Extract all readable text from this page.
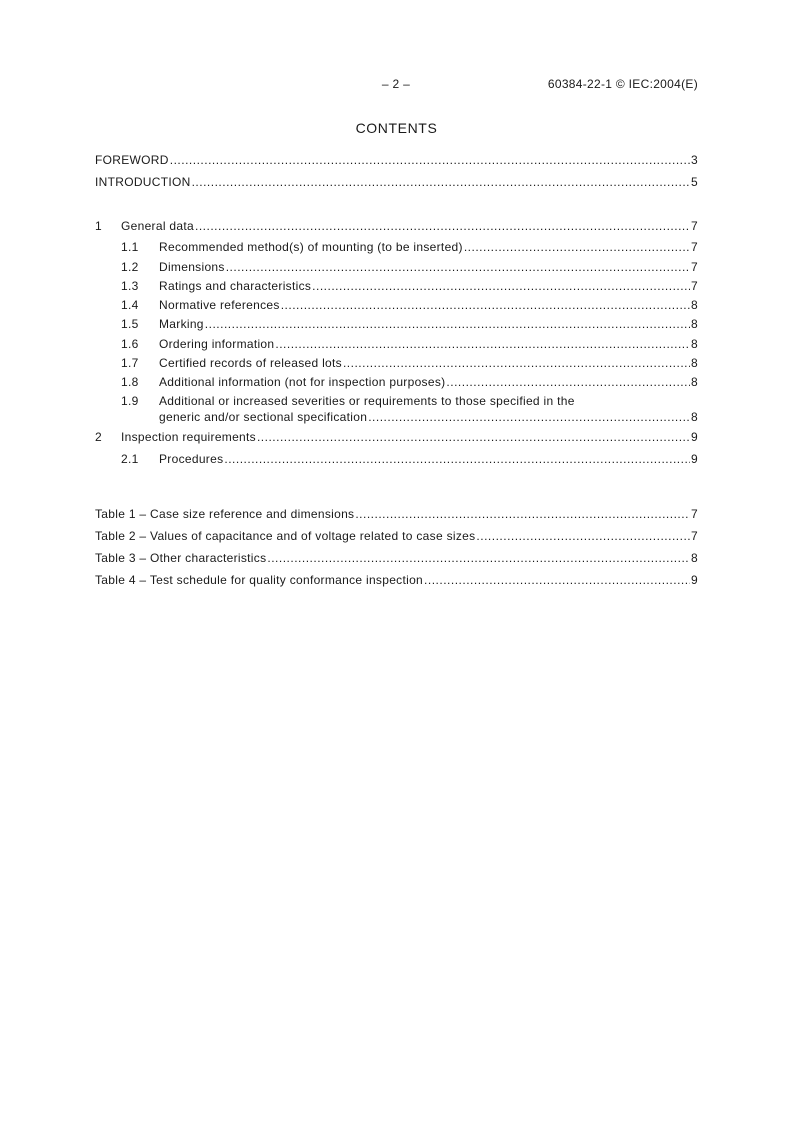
– 2 –	60384-22-1 © IEC:2004(E)
CONTENTS
FOREWORD .....	3
INTRODUCTION .....	5
1 General data .....	7
1.1 Recommended method(s) of mounting (to be inserted) .....	7
1.2 Dimensions .....	7
1.3 Ratings and characteristics .....	7
1.4 Normative references .....	8
1.5 Marking .....	8
1.6 Ordering information .....	8
1.7 Certified records of released lots .....	8
1.8 Additional information (not for inspection purposes) .....	8
1.9 Additional or increased severities or requirements to those specified in the
generic and/or sectional specification .....	8
2 Inspection requirements .....	9
2.1 Procedures .....	9
Table 1 – Case size reference and dimensions .....	7
Table 2 – Values of capacitance and of voltage related to case sizes .....	7
Table 3 – Other characteristics .....	8
Table 4 – Test schedule for quality conformance inspection .....	9
